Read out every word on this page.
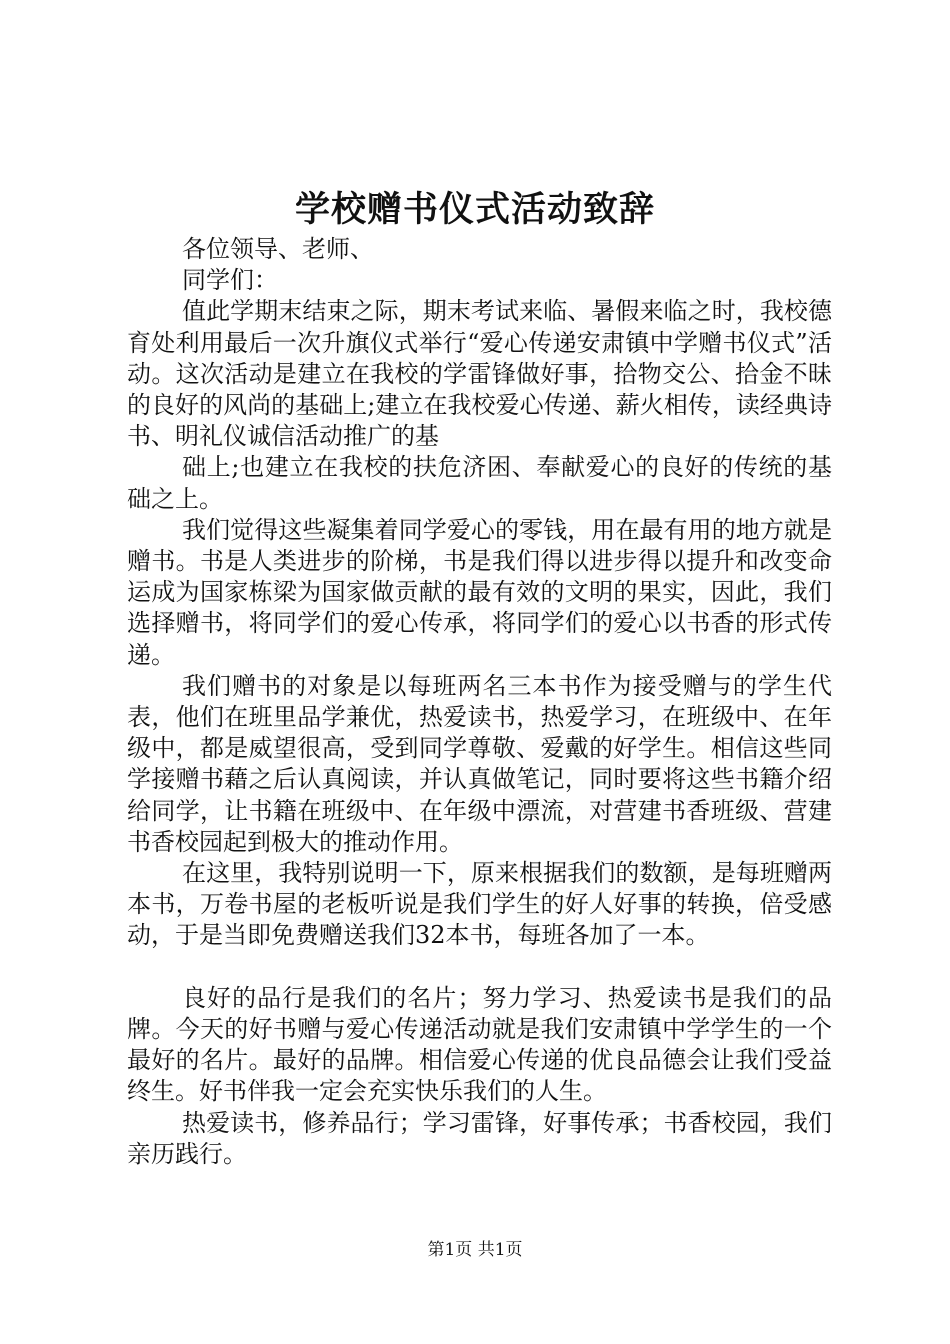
学校赠书仪式活动致辞

各位领导、老师、

同学们：

值此学期末结束之际，期末考试来临、暑假来临之时，我校德育处利用最后一次升旗仪式举行“爱心传递安肃镇中学赠书仪式”活动。这次活动是建立在我校的学雷锋做好事，拾物交公、拾金不昧的良好的风尚的基础上;建立在我校爱心传递、薪火相传，读经典诗书、明礼仪诚信活动推广的基

础上;也建立在我校的扶危济困、奉献爱心的良好的传统的基础之上。

我们觉得这些凝集着同学爱心的零钱，用在最有用的地方就是赠书。书是人类进步的阶梯，书是我们得以进步得以提升和改变命运成为国家栋梁为国家做贡献的最有效的文明的果实，因此，我们选择赠书，将同学们的爱心传承，将同学们的爱心以书香的形式传递。

我们赠书的对象是以每班两名三本书作为接受赠与的学生代表，他们在班里品学兼优，热爱读书，热爱学习，在班级中、在年级中，都是威望很高，受到同学尊敬、爱戴的好学生。相信这些同学接赠书藉之后认真阅读，并认真做笔记，同时要将这些书籍介绍给同学，让书籍在班级中、在年级中漂流，对营建书香班级、营建书香校园起到极大的推动作用。

在这里，我特别说明一下，原来根据我们的数额，是每班赠两本书，万卷书屋的老板听说是我们学生的好人好事的转换，倍受感动，于是当即免费赠送我们32本书，每班各加了一本。

良好的品行是我们的名片；努力学习、热爱读书是我们的品牌。今天的好书赠与爱心传递活动就是我们安肃镇中学学生的一个最好的名片。最好的品牌。相信爱心传递的优良品德会让我们受益终生。好书伴我一定会充实快乐我们的人生。

热爱读书，修养品行；学习雷锋，好事传承；书香校园，我们亲历践行。

第1页 共1页
